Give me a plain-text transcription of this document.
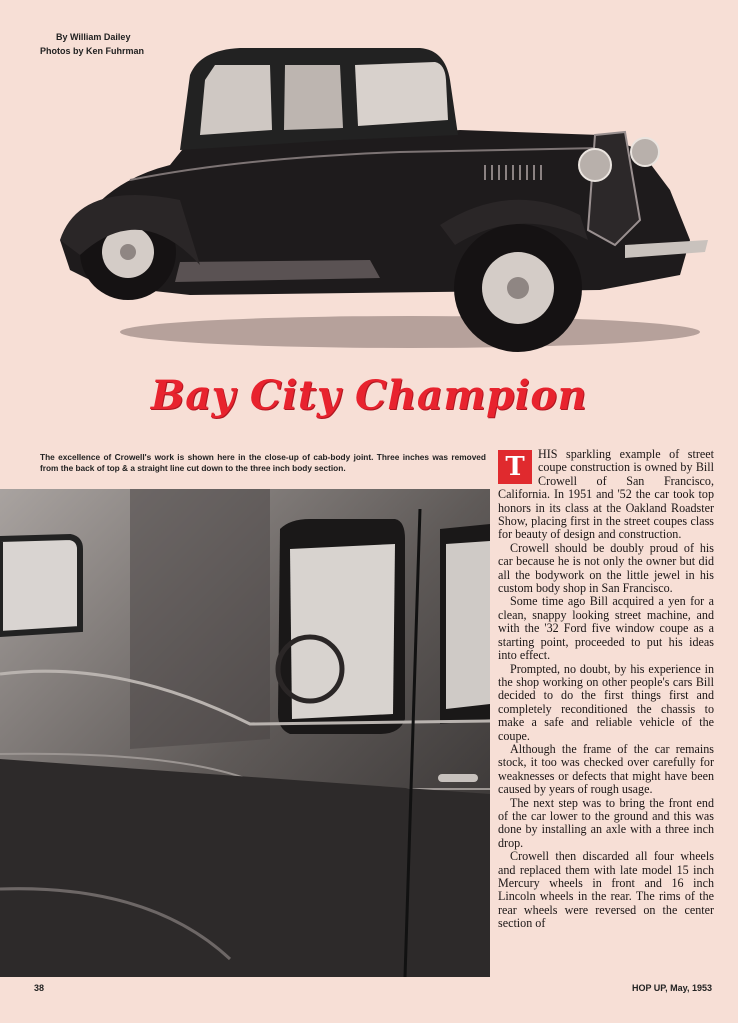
By William Dailey
Photos by Ken Fuhrman
Bay City Champion
The excellence of Crowell's work is shown here in the close-up of cab-body joint. Three inches was removed from the back of top & a straight line cut down to the three inch body section.	T	HIS sparkling example of street coupe construction is owned by Bill Crowell of San Francisco, California. In 1951 and '52 the car took top honors in its class at the Oakland Roadster Show, placing first in the street coupes class for beauty of design and construction.

Crowell should be doubly proud of his car because he is not only the owner but did all the bodywork on the little jewel in his custom body shop in San Francisco.

Some time ago Bill acquired a yen for a clean, snappy looking street machine, and with the '32 Ford five window coupe as a starting point, proceeded to put his ideas into effect.

Prompted, no doubt, by his experience in the shop working on other people's cars Bill decided to do the first things first and completely reconditioned the chassis to make a safe and reliable vehicle of the coupe.

Although the frame of the car remains stock, it too was checked over carefully for weaknesses or defects that might have been caused by years of rough usage.

The next step was to bring the front end of the car lower to the ground and this was done by installing an axle with a three inch drop.

Crowell then discarded all four wheels and replaced them with late model 15 inch Mercury wheels in front and 16 inch Lincoln wheels in the rear. The rims of the rear wheels were reversed on the center section of

38	HOP UP, May, 1953
